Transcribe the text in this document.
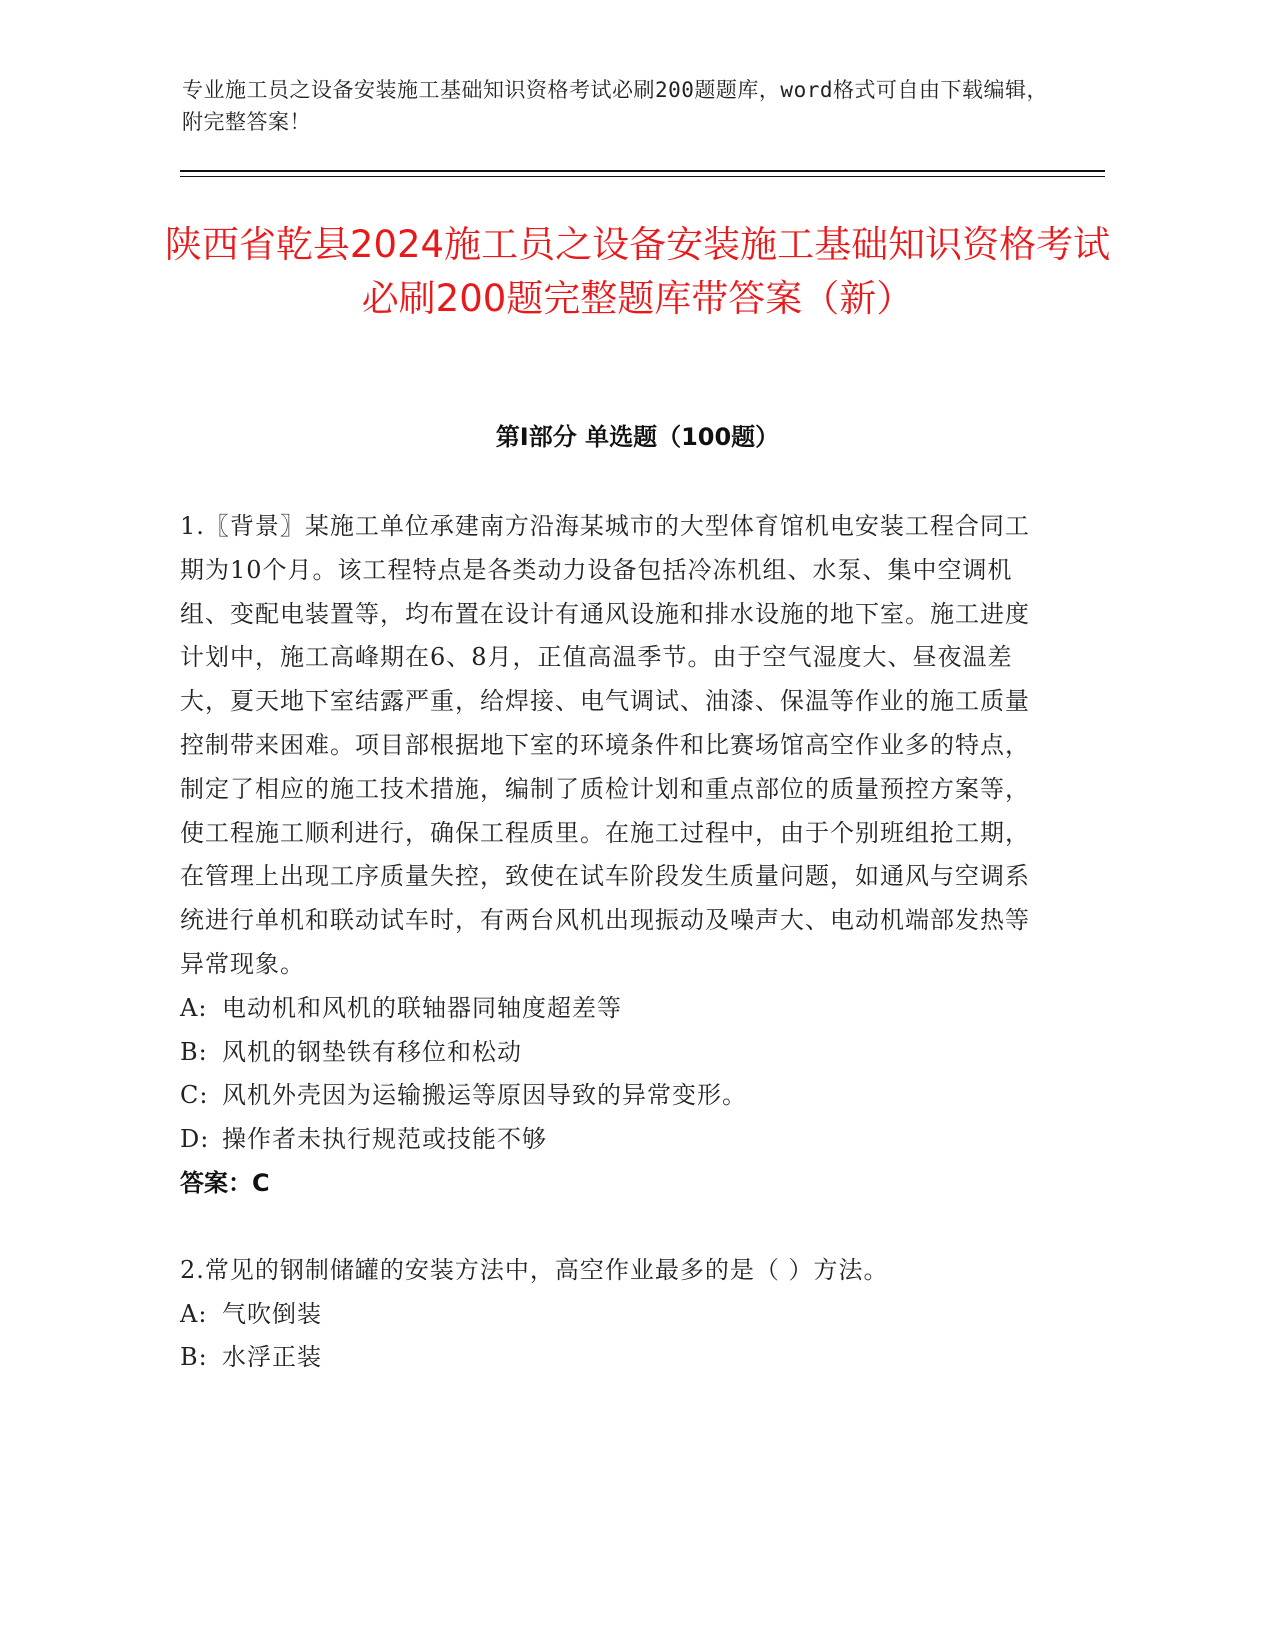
专业施工员之设备安装施工基础知识资格考试必刷200题题库，word格式可自由下载编辑，附完整答案！
陕西省乾县2024施工员之设备安装施工基础知识资格考试必刷200题完整题库带答案（新）
第I部分 单选题（100题）

1.〖背景〗某施工单位承建南方沿海某城市的大型体育馆机电安装工程合同工期为10个月。该工程特点是各类动力设备包括冷冻机组、水泵、集中空调机组、变配电装置等，均布置在设计有通风设施和排水设施的地下室。施工进度计划中，施工高峰期在6、8月，正值高温季节。由于空气湿度大、昼夜温差大，夏天地下室结露严重，给焊接、电气调试、油漆、保温等作业的施工质量控制带来困难。项目部根据地下室的环境条件和比赛场馆高空作业多的特点，制定了相应的施工技术措施，编制了质检计划和重点部位的质量预控方案等，使工程施工顺利进行，确保工程质里。在施工过程中，由于个别班组抢工期，在管理上出现工序质量失控，致使在试车阶段发生质量问题，如通风与空调系统进行单机和联动试车时，有两台风机出现振动及噪声大、电动机端部发热等异常现象。

A: 电动机和风机的联轴器同轴度超差等
B: 风机的钢垫铁有移位和松动
C: 风机外壳因为运输搬运等原因导致的异常变形。
D: 操作者未执行规范或技能不够
答案：C

2.常见的钢制储罐的安装方法中，高空作业最多的是（ ）方法。

A: 气吹倒装
B: 水浮正装
